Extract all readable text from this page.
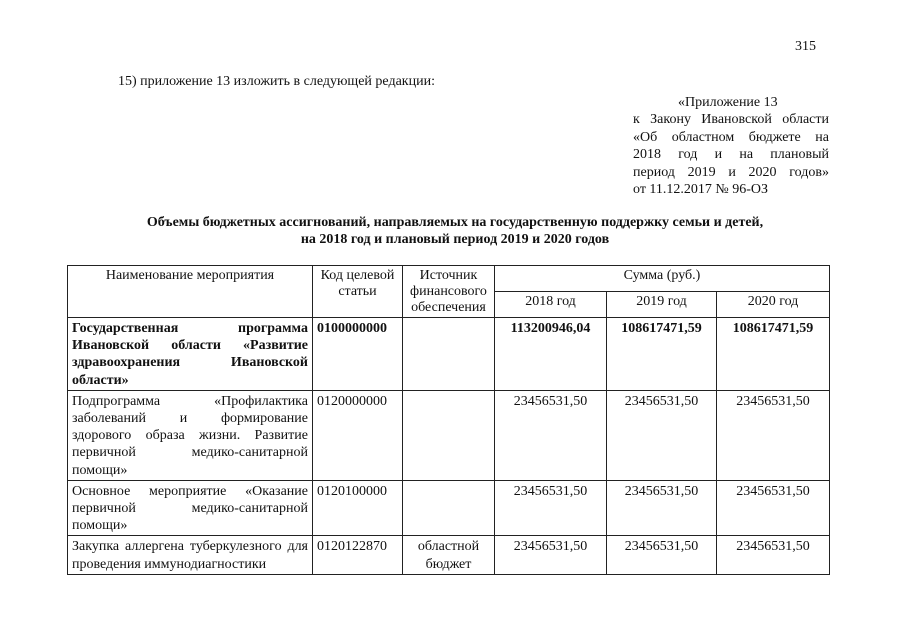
315
15) приложение 13 изложить в следующей редакции:
«Приложение 13
к Закону Ивановской области
«Об областном бюджете на
2018 год и на плановый
период 2019 и 2020 годов»
от 11.12.2017 № 96-ОЗ
Объемы бюджетных ассигнований, направляемых на государственную поддержку семьи и детей,
на 2018 год и плановый период 2019 и 2020 годов
Наименование мероприятия	Код целевой статьи	Источник финансового обеспечения	Сумма (руб.)		
			2018 год	2019 год	2020 год
Государственная программа Ивановской области «Развитие здравоохранения Ивановской области»	0100000000		113200946,04	108617471,59	108617471,59
Подпрограмма «Профилактика заболеваний и формирование здорового образа жизни. Развитие первичной медико-санитарной помощи»	0120000000		23456531,50	23456531,50	23456531,50
Основное мероприятие «Оказание первичной медико-санитарной помощи»	0120100000		23456531,50	23456531,50	23456531,50
Закупка аллергена туберкулезного для проведения иммунодиагностики	0120122870	областной бюджет	23456531,50	23456531,50	23456531,50
